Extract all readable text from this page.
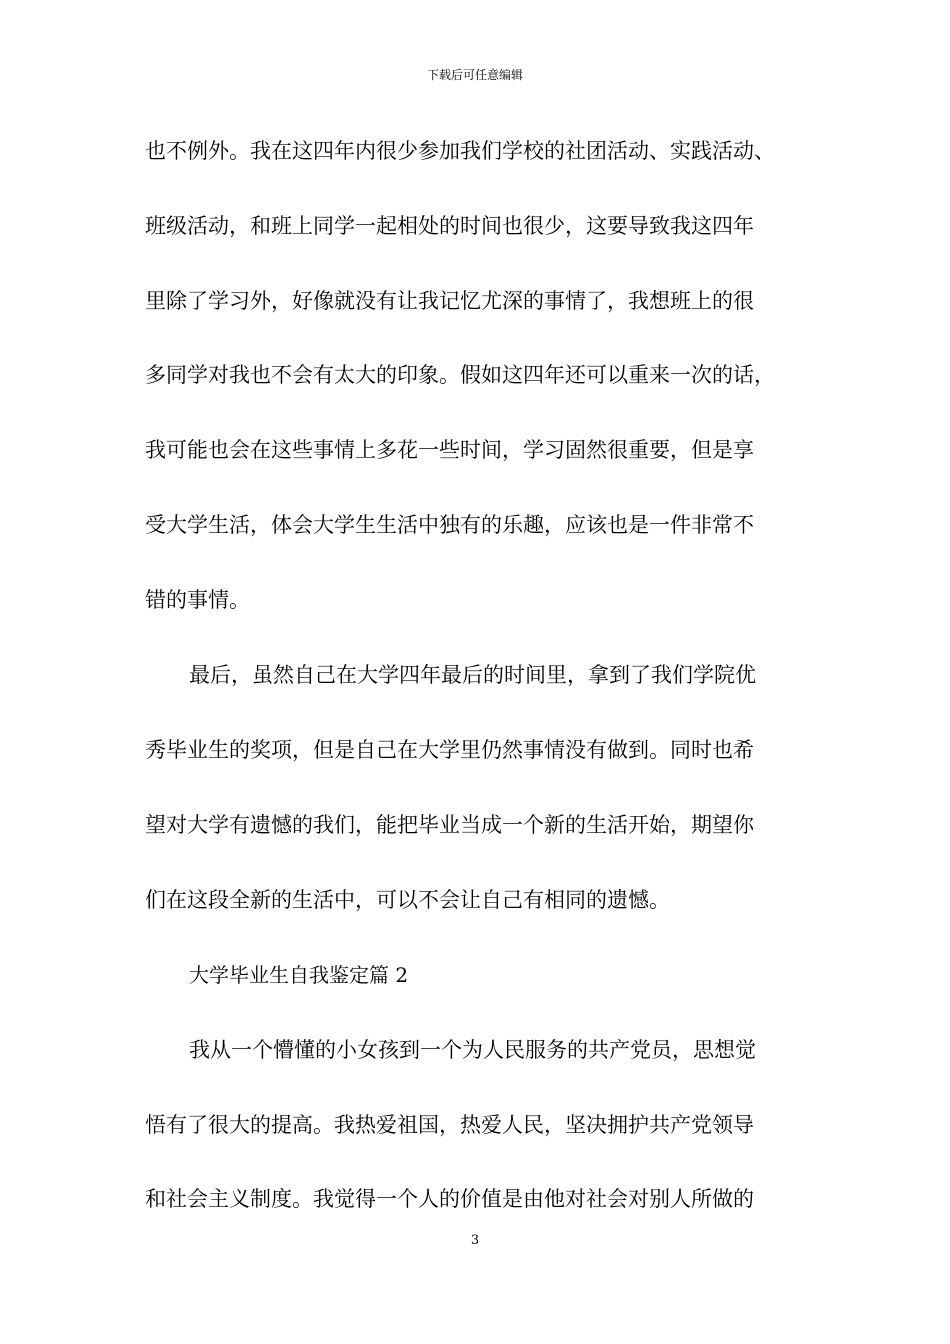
下载后可任意编辑
也不例外。我在这四年内很少参加我们学校的社团活动、实践活动、
班级活动，和班上同学一起相处的时间也很少，这要导致我这四年
里除了学习外，好像就没有让我记忆尤深的事情了，我想班上的很
多同学对我也不会有太大的印象。假如这四年还可以重来一次的话，
我可能也会在这些事情上多花一些时间，学习固然很重要，但是享
受大学生活，体会大学生生活中独有的乐趣，应该也是一件非常不
错的事情。
最后，虽然自己在大学四年最后的时间里，拿到了我们学院优
秀毕业生的奖项，但是自己在大学里仍然事情没有做到。同时也希
望对大学有遗憾的我们，能把毕业当成一个新的生活开始，期望你
们在这段全新的生活中，可以不会让自己有相同的遗憾。
大学毕业生自我鉴定篇 2
我从一个懵懂的小女孩到一个为人民服务的共产党员，思想觉
悟有了很大的提高。我热爱祖国，热爱人民，坚决拥护共产党领导
和社会主义制度。我觉得一个人的价值是由他对社会对别人所做的
3
